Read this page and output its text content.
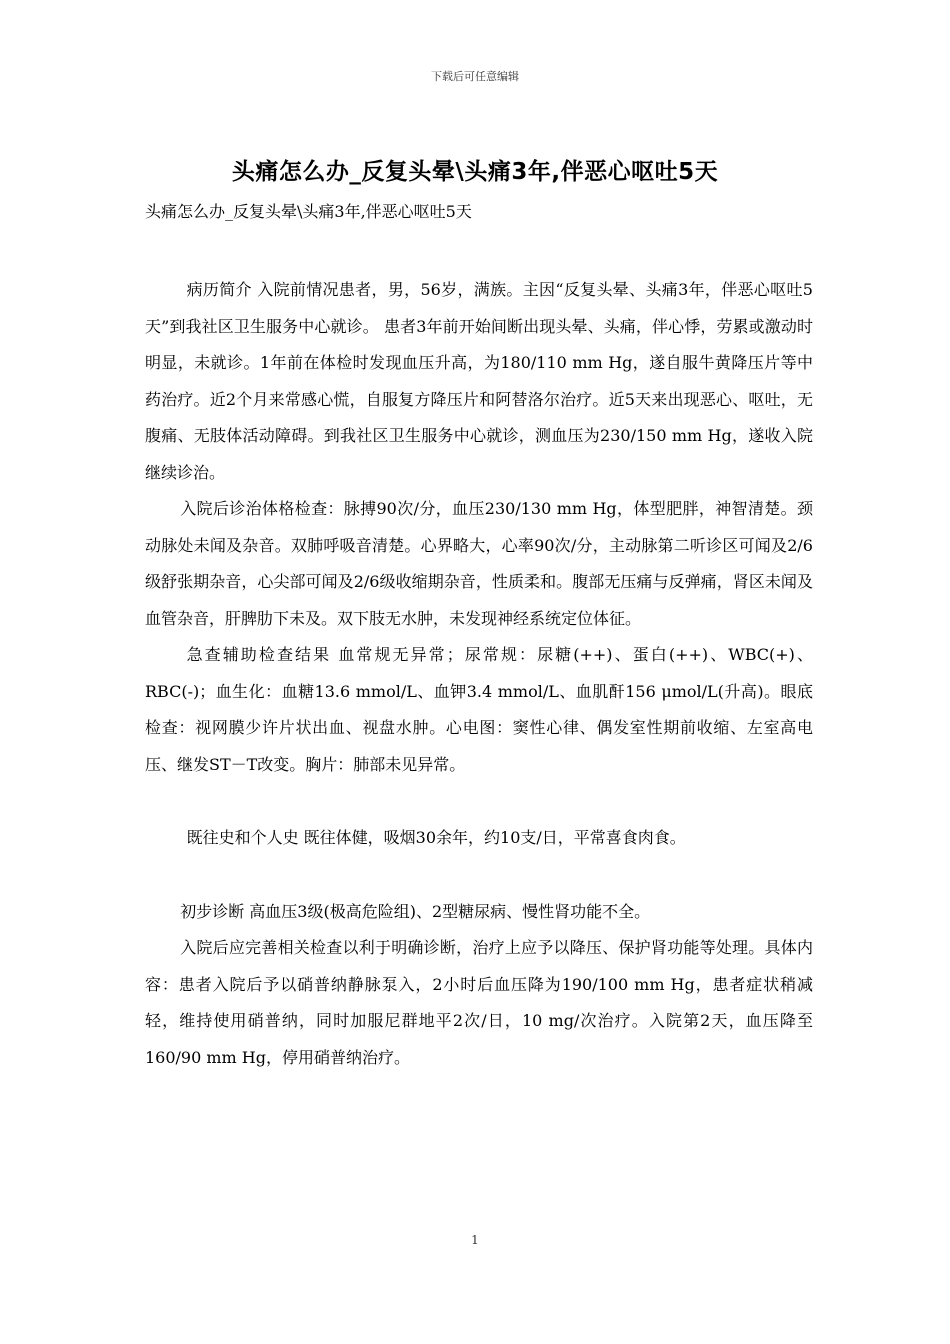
下载后可任意编辑
头痛怎么办_反复头晕\头痛3年,伴恶心呕吐5天
头痛怎么办_反复头晕\头痛3年,伴恶心呕吐5天

病历简介 入院前情况患者，男，56岁，满族。主因“反复头晕、头痛3年，伴恶心呕吐5天”到我社区卫生服务中心就诊。 患者3年前开始间断出现头晕、头痛，伴心悸，劳累或激动时明显，未就诊。1年前在体检时发现血压升高，为180/110 mm Hg，遂自服牛黄降压片等中药治疗。近2个月来常感心慌，自服复方降压片和阿替洛尔治疗。近5天来出现恶心、呕吐，无腹痛、无肢体活动障碍。到我社区卫生服务中心就诊，测血压为230/150 mm Hg，遂收入院继续诊治。

入院后诊治体格检查：脉搏90次/分，血压230/130 mm Hg，体型肥胖，神智清楚。颈动脉处未闻及杂音。双肺呼吸音清楚。心界略大，心率90次/分，主动脉第二听诊区可闻及2/6级舒张期杂音，心尖部可闻及2/6级收缩期杂音，性质柔和。腹部无压痛与反弹痛，肾区未闻及血管杂音，肝脾肋下未及。双下肢无水肿，未发现神经系统定位体征。

急查辅助检查结果 血常规无异常；尿常规：尿糖(++)、蛋白(++)、WBC(+)、RBC(-)；血生化：血糖13.6 mmol/L、血钾3.4 mmol/L、血肌酐156 μmol/L(升高)。眼底检查：视网膜少许片状出血、视盘水肿。心电图：窦性心律、偶发室性期前收缩、左室高电压、继发ST－T改变。胸片：肺部未见异常。

既往史和个人史 既往体健，吸烟30余年，约10支/日，平常喜食肉食。

初步诊断 高血压3级(极高危险组)、2型糖尿病、慢性肾功能不全。

入院后应完善相关检查以利于明确诊断，治疗上应予以降压、保护肾功能等处理。具体内容：患者入院后予以硝普纳静脉泵入，2小时后血压降为190/100 mm Hg，患者症状稍减轻，维持使用硝普纳，同时加服尼群地平2次/日，10 mg/次治疗。入院第2天，血压降至160/90 mm Hg，停用硝普纳治疗。

1
